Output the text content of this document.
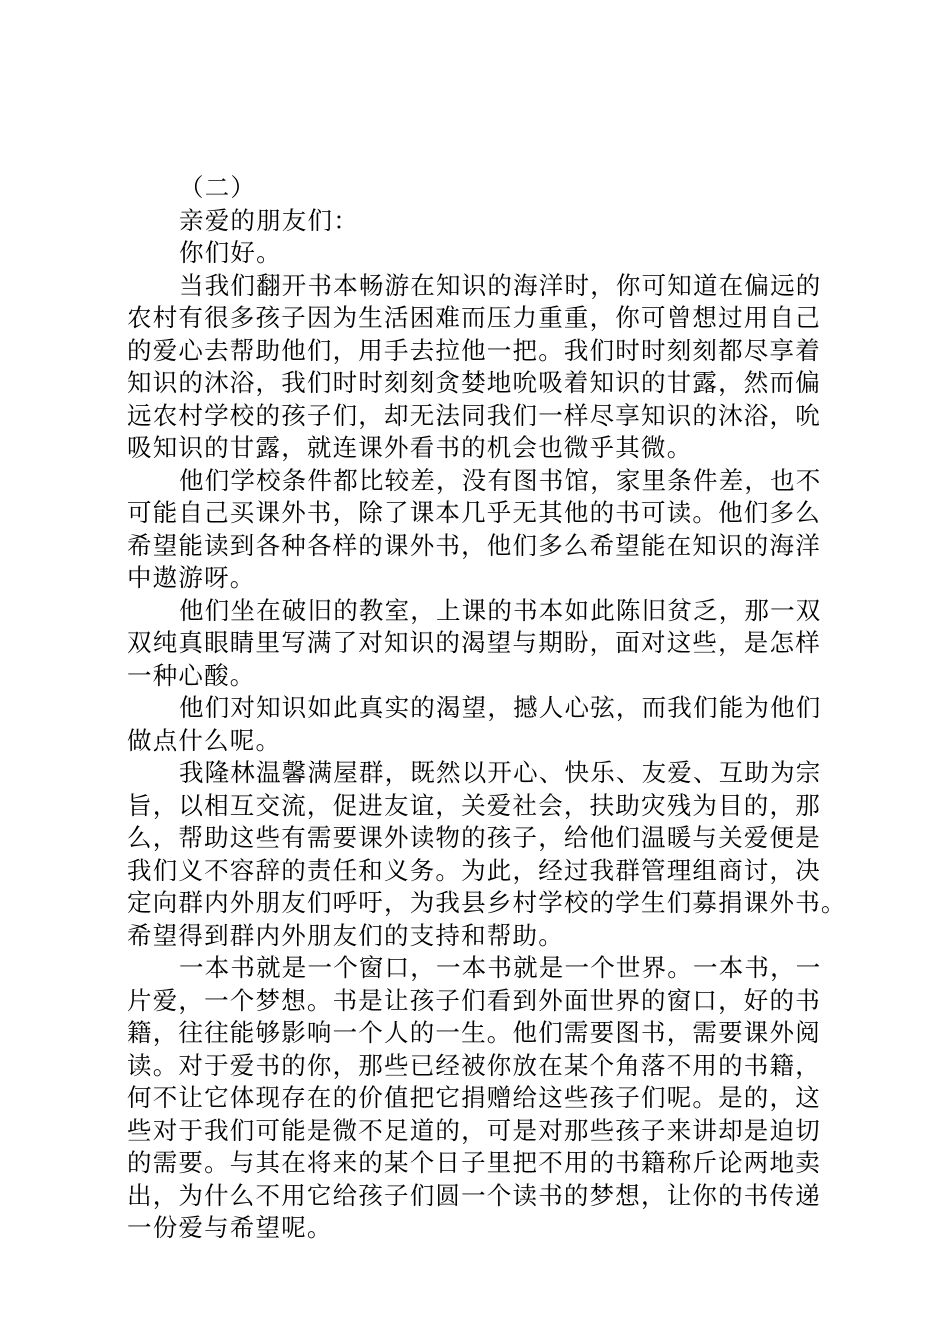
（二）
亲爱的朋友们：
你们好。
当我们翻开书本畅游在知识的海洋时，你可知道在偏远的
农村有很多孩子因为生活困难而压力重重，你可曾想过用自己
的爱心去帮助他们，用手去拉他一把。我们时时刻刻都尽享着
知识的沐浴，我们时时刻刻贪婪地吮吸着知识的甘露，然而偏
远农村学校的孩子们，却无法同我们一样尽享知识的沐浴，吮
吸知识的甘露，就连课外看书的机会也微乎其微。
他们学校条件都比较差，没有图书馆，家里条件差，也不
可能自己买课外书，除了课本几乎无其他的书可读。他们多么
希望能读到各种各样的课外书，他们多么希望能在知识的海洋
中遨游呀。
他们坐在破旧的教室，上课的书本如此陈旧贫乏，那一双
双纯真眼睛里写满了对知识的渴望与期盼，面对这些，是怎样
一种心酸。
他们对知识如此真实的渴望，撼人心弦，而我们能为他们
做点什么呢。
我隆林温馨满屋群，既然以开心、快乐、友爱、互助为宗
旨，以相互交流，促进友谊，关爱社会，扶助灾残为目的，那
么，帮助这些有需要课外读物的孩子，给他们温暖与关爱便是
我们义不容辞的责任和义务。为此，经过我群管理组商讨，决
定向群内外朋友们呼吁，为我县乡村学校的学生们募捐课外书。
希望得到群内外朋友们的支持和帮助。
一本书就是一个窗口，一本书就是一个世界。一本书，一
片爱，一个梦想。书是让孩子们看到外面世界的窗口，好的书
籍，往往能够影响一个人的一生。他们需要图书，需要课外阅
读。对于爱书的你，那些已经被你放在某个角落不用的书籍，
何不让它体现存在的价值把它捐赠给这些孩子们呢。是的，这
些对于我们可能是微不足道的，可是对那些孩子来讲却是迫切
的需要。与其在将来的某个日子里把不用的书籍称斤论两地卖
出，为什么不用它给孩子们圆一个读书的梦想，让你的书传递
一份爱与希望呢。
